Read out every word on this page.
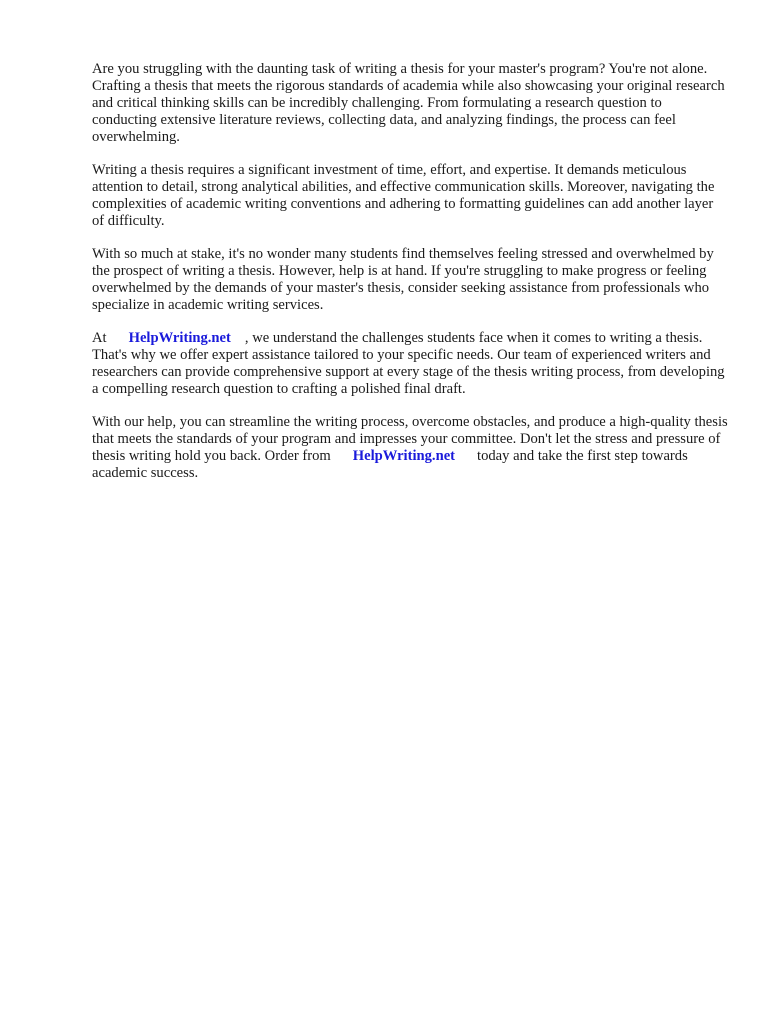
Are you struggling with the daunting task of writing a thesis for your master's program? You're not alone. Crafting a thesis that meets the rigorous standards of academia while also showcasing your original research and critical thinking skills can be incredibly challenging. From formulating a research question to conducting extensive literature reviews, collecting data, and analyzing findings, the process can feel overwhelming.

Writing a thesis requires a significant investment of time, effort, and expertise. It demands meticulous attention to detail, strong analytical abilities, and effective communication skills. Moreover, navigating the complexities of academic writing conventions and adhering to formatting guidelines can add another layer of difficulty.

With so much at stake, it's no wonder many students find themselves feeling stressed and overwhelmed by the prospect of writing a thesis. However, help is at hand. If you're struggling to make progress or feeling overwhelmed by the demands of your master's thesis, consider seeking assistance from professionals who specialize in academic writing services.

At HelpWriting.net , we understand the challenges students face when it comes to writing a thesis. That's why we offer expert assistance tailored to your specific needs. Our team of experienced writers and researchers can provide comprehensive support at every stage of the thesis writing process, from developing a compelling research question to crafting a polished final draft.

With our help, you can streamline the writing process, overcome obstacles, and produce a high-quality thesis that meets the standards of your program and impresses your committee. Don't let the stress and pressure of thesis writing hold you back. Order from HelpWriting.net today and take the first step towards academic success.
